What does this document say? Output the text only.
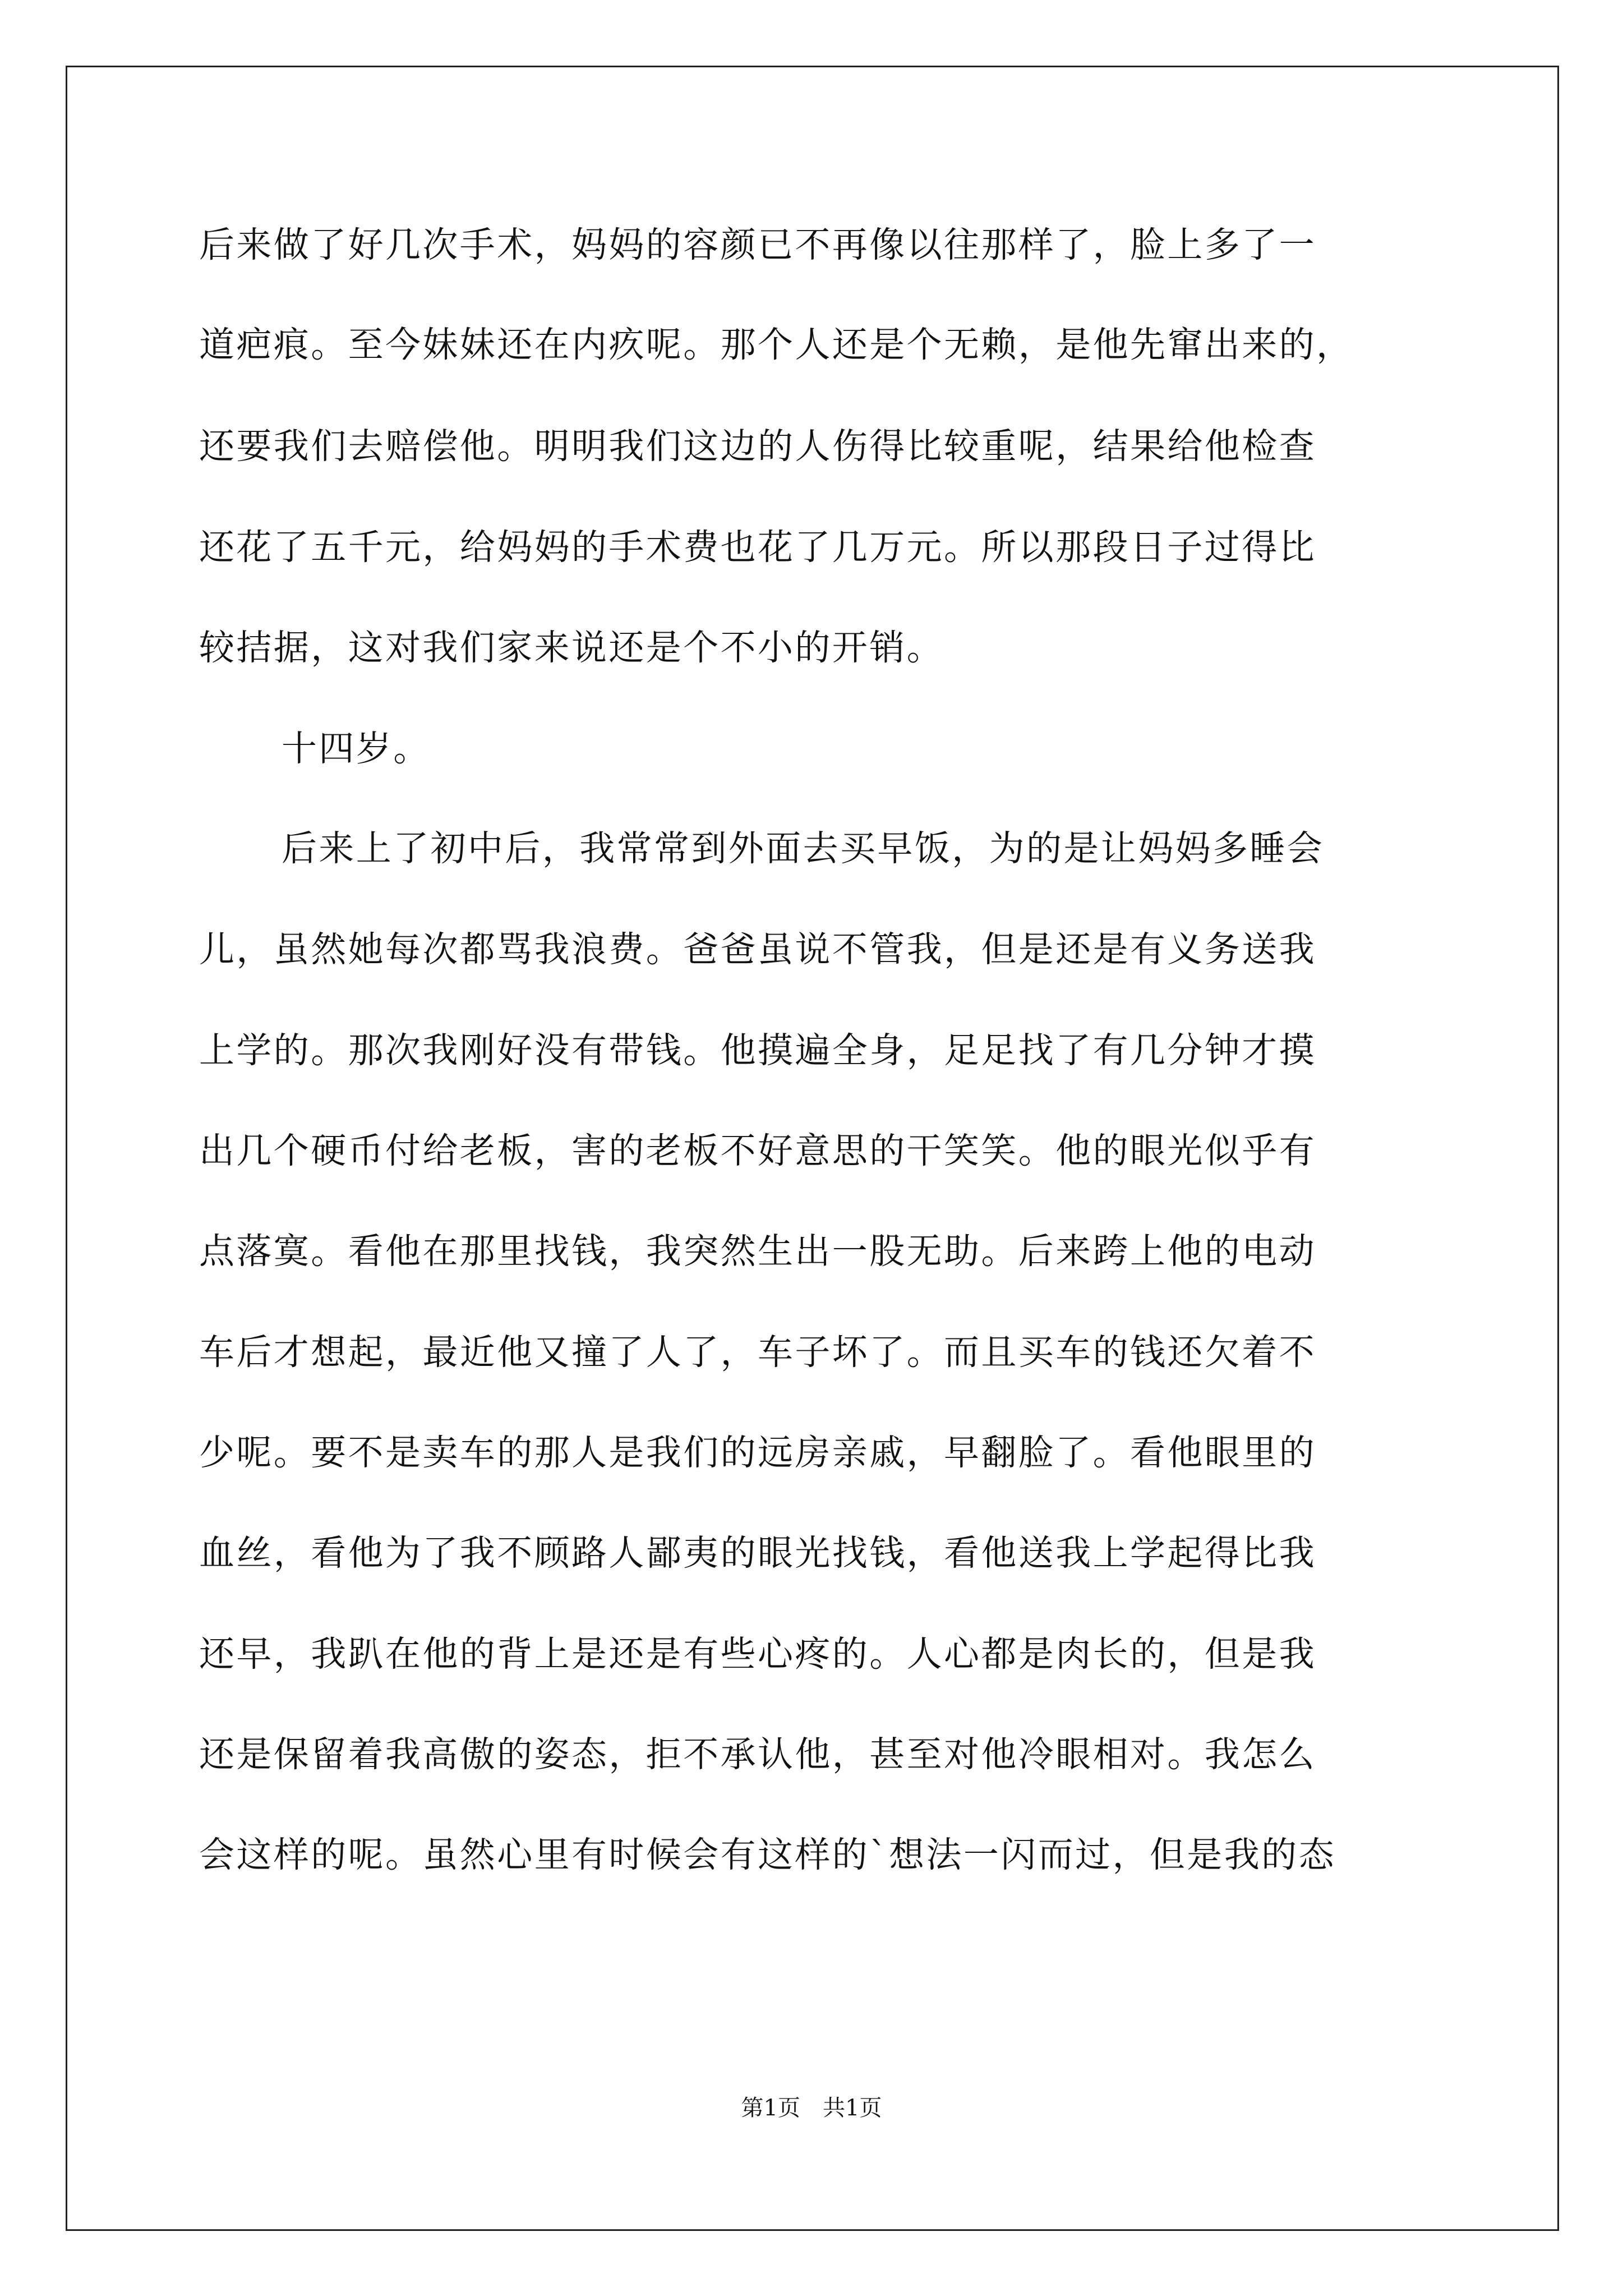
后来做了好几次手术，妈妈的容颜已不再像以往那样了，脸上多了一
道疤痕。至今妹妹还在内疚呢。那个人还是个无赖，是他先窜出来的，
还要我们去赔偿他。明明我们这边的人伤得比较重呢，结果给他检查
还花了五千元，给妈妈的手术费也花了几万元。所以那段日子过得比
较拮据，这对我们家来说还是个不小的开销。
十四岁。
后来上了初中后，我常常到外面去买早饭，为的是让妈妈多睡会
儿，虽然她每次都骂我浪费。爸爸虽说不管我，但是还是有义务送我
上学的。那次我刚好没有带钱。他摸遍全身，足足找了有几分钟才摸
出几个硬币付给老板，害的老板不好意思的干笑笑。他的眼光似乎有
点落寞。看他在那里找钱，我突然生出一股无助。后来跨上他的电动
车后才想起，最近他又撞了人了，车子坏了。而且买车的钱还欠着不
少呢。要不是卖车的那人是我们的远房亲戚，早翻脸了。看他眼里的
血丝，看他为了我不顾路人鄙夷的眼光找钱，看他送我上学起得比我
还早，我趴在他的背上是还是有些心疼的。人心都是肉长的，但是我
还是保留着我高傲的姿态，拒不承认他，甚至对他冷眼相对。我怎么
会这样的呢。虽然心里有时候会有这样的`想法一闪而过，但是我的态
第1页　共1页
